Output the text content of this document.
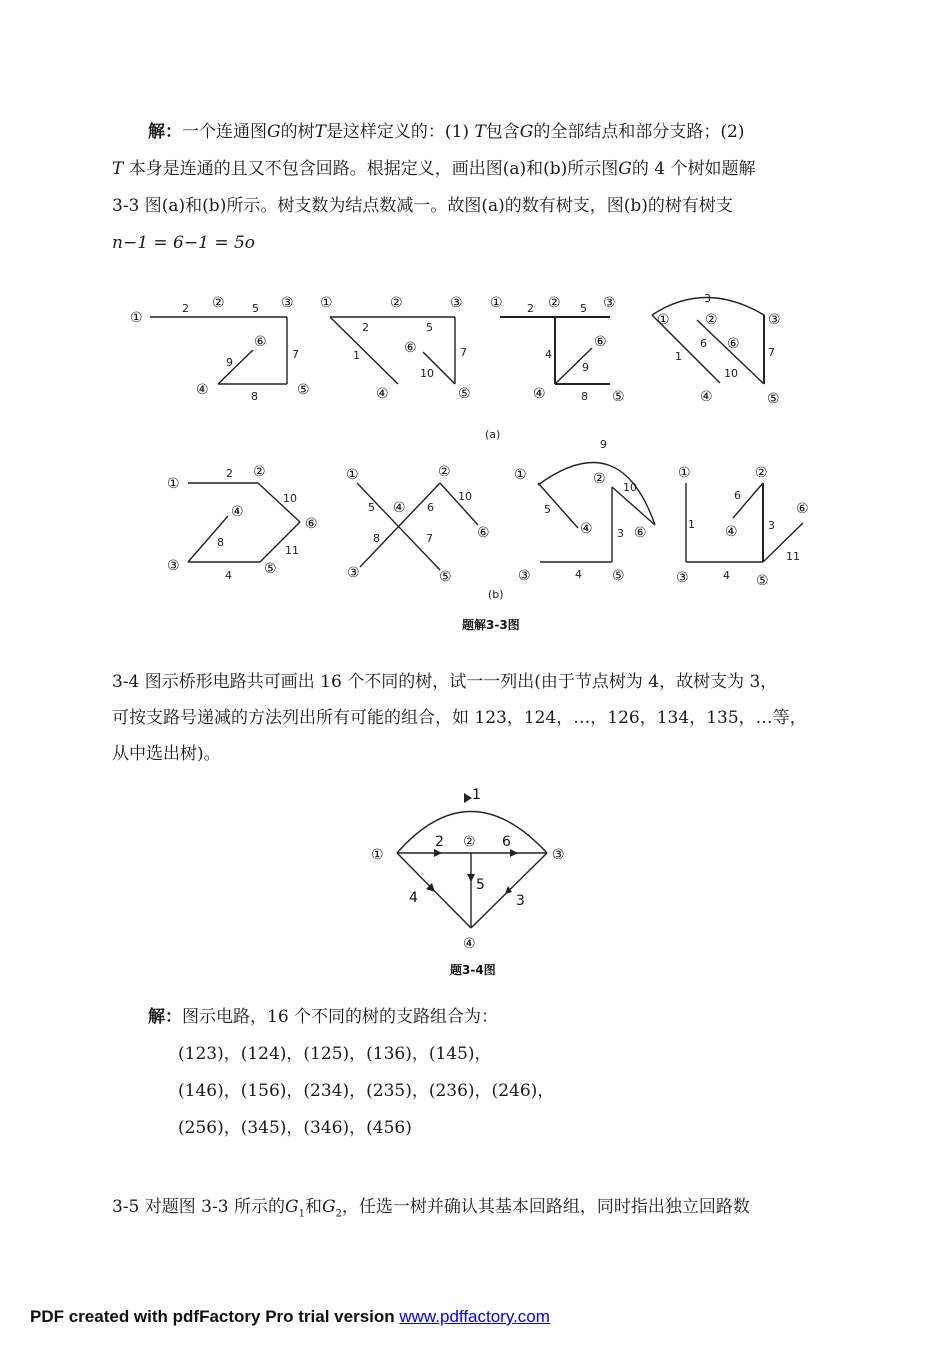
解：一个连通图G的树T是这样定义的：(1) T包含G的全部结点和部分支路；(2)
T 本身是连通的且又不包含回路。根据定义，画出图(a)和(b)所示图G的 4 个树如题解
3-3 图(a)和(b)所示。树支数为结点数减一。故图(a)的数有树支，图(b)的树有树支
n−1 = 6−1 = 5o
①
②	③
④	⑤
⑥
①	②	③
④	⑤
⑥
①	②	③
④	⑤
⑥
①	②	③
④	⑤
⑥
①
②
③
④
⑤
⑥
①	②
③
④
⑤
⑥
①	②
③
④
⑤
⑥
①	②
③
④
⑤
⑥
2	5
7
9
8
2	5
1	7
10
2	5
4
9
8
3
1
6
7
10
2
10
8
11
4
5	6
10
8	7
9
5
10
3
4
6
1	3
11
4
(a)
(b)
题解3-3图
3-4 图示桥形电路共可画出 16 个不同的树，试一一列出(由于节点树为 4，故树支为 3，
可按支路号递减的方法列出所有可能的组合，如 123，124，…，126，134，135，…等，
从中选出树)。
①
②
③
④
1
2	6
5
4	3
题3-4图
解：图示电路，16 个不同的树的支路组合为：
(123)，(124)，(125)，(136)，(145)，
(146)，(156)，(234)，(235)，(236)，(246)，
(256)，(345)，(346)，(456)
3-5 对题图 3-3 所示的$G_1$和$G_2$，任选一树并确认其基本回路组，同时指出独立回路数
PDF created with pdfFactory Pro trial version www.pdffactory.com
